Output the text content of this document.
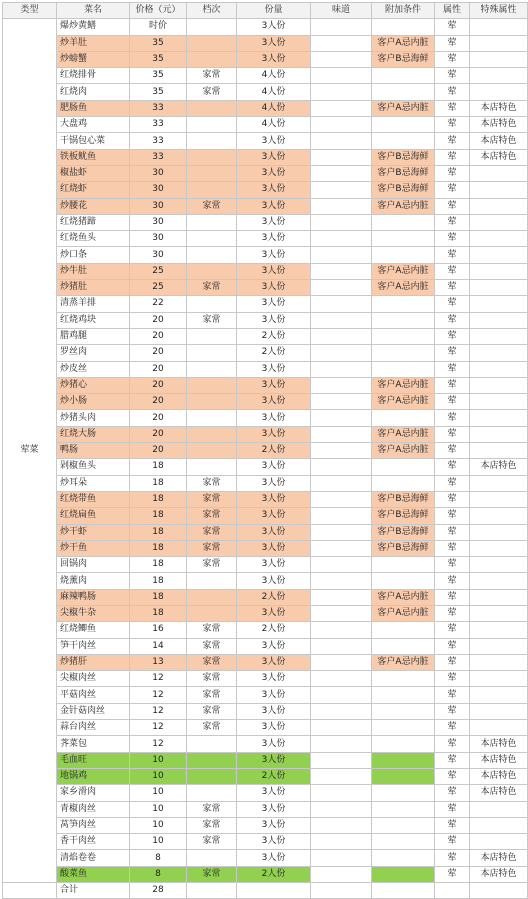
类型	菜名	价格（元）	档次	份量	味道	附加条件	属性	特殊属性
荤菜	爆炒黄鳝	时价		3人份			荤	
	炒羊肚	35		3人份		客户A忌内脏	荤	
	炒螃蟹	35		3人份		客户B忌海鲜	荤	
	红烧排骨	35	家常	4人份			荤	
	红烧肉	35	家常	4人份			荤	
	肥肠鱼	33		4人份		客户A忌内脏	荤	本店特色
	大盘鸡	33		4人份			荤	本店特色
	干锅包心菜	33		3人份			荤	本店特色
	铁板鱿鱼	33		3人份		客户B忌海鲜	荤	本店特色
	椒盐虾	30		3人份		客户B忌海鲜	荤	
	红烧虾	30		3人份		客户B忌海鲜	荤	
	炒腰花	30	家常	3人份		客户A忌内脏	荤	
	红烧猪蹄	30		3人份			荤	
	红烧鱼头	30		3人份			荤	
	炒口条	30		3人份			荤	
	炒牛肚	25		3人份		客户A忌内脏	荤	
	炒猪肚	25	家常	3人份		客户A忌内脏	荤	
	清蒸羊排	22		3人份			荤	
	红烧鸡块	20	家常	3人份			荤	
	腊鸡腿	20		2人份			荤	
	罗丝肉	20		2人份			荤	
	炒皮丝	20		3人份			荤	
	炒猪心	20		3人份		客户A忌内脏	荤	
	炒小肠	20		3人份		客户A忌内脏	荤	
	炒猪头肉	20		3人份			荤	
	红烧大肠	20		3人份		客户A忌内脏	荤	
	鸭肠	20		2人份		客户A忌内脏	荤	
	剁椒鱼头	18		3人份			荤	本店特色
	炒耳朵	18	家常	3人份			荤	
	红烧带鱼	18	家常	3人份		客户B忌海鲜	荤	
	红烧扁鱼	18	家常	3人份		客户B忌海鲜	荤	
	炒干虾	18	家常	3人份		客户B忌海鲜	荤	
	炒干鱼	18	家常	3人份		客户B忌海鲜	荤	
	回锅肉	18	家常	3人份			荤	
	烧薰肉	18		3人份			荤	
	麻辣鸭肠	18		2人份		客户A忌内脏	荤	
	尖椒牛杂	18		3人份		客户A忌内脏	荤	
	红烧鲫鱼	16	家常	2人份			荤	
	笋干肉丝	14	家常	3人份			荤	
	炒猪肝	13	家常	3人份		客户A忌内脏	荤	
	尖椒肉丝	12	家常	3人份			荤	
	平菇肉丝	12	家常	3人份			荤	
	金针菇肉丝	12	家常	3人份			荤	
	蒜台肉丝	12	家常	3人份			荤	
	荠菜包	12		3人份			荤	本店特色
	毛血旺	10		3人份			荤	本店特色
	地锅鸡	10		2人份			荤	本店特色
	家乡滑肉	10		3人份			荤	本店特色
	青椒肉丝	10	家常	3人份			荤	
	莴笋肉丝	10	家常	3人份			荤	
	香干肉丝	10	家常	3人份			荤	
	清焰卷卷	8		3人份			荤	本店特色
	酸菜鱼	8	家常	2人份			荤	本店特色
	合计	28						
